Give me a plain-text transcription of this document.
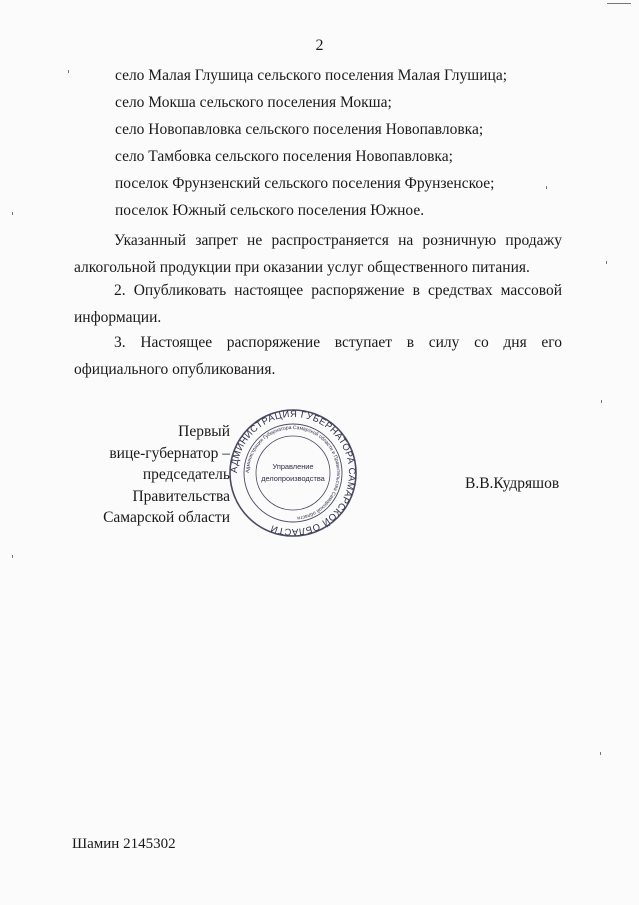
2
село Малая Глушица сельского поселения Малая Глушица;
село Мокша сельского поселения Мокша;
село Новопавловка сельского поселения Новопавловка;
село Тамбовка сельского поселения Новопавловка;
поселок Фрунзенский сельского поселения Фрунзенское;
поселок Южный сельского поселения Южное.
Указанный запрет не распространяется на розничную продажу алкогольной продукции при оказании услуг общественного питания.
2. Опубликовать настоящее распоряжение в средствах массовой информации.
3. Настоящее распоряжение вступает в силу со дня его официального опубликования.
Первый
вице-губернатор –
председатель Правительства
Самарской области
АДМИНИСТРАЦИЯ ГУБЕРНАТОРА САМАРСКОЙ ОБЛАСТИ
Администрация Губернатора Самарской области и Правительства Самарской области
Управление
делопроизводства	В.В.Кудряшов
Шамин 2145302
